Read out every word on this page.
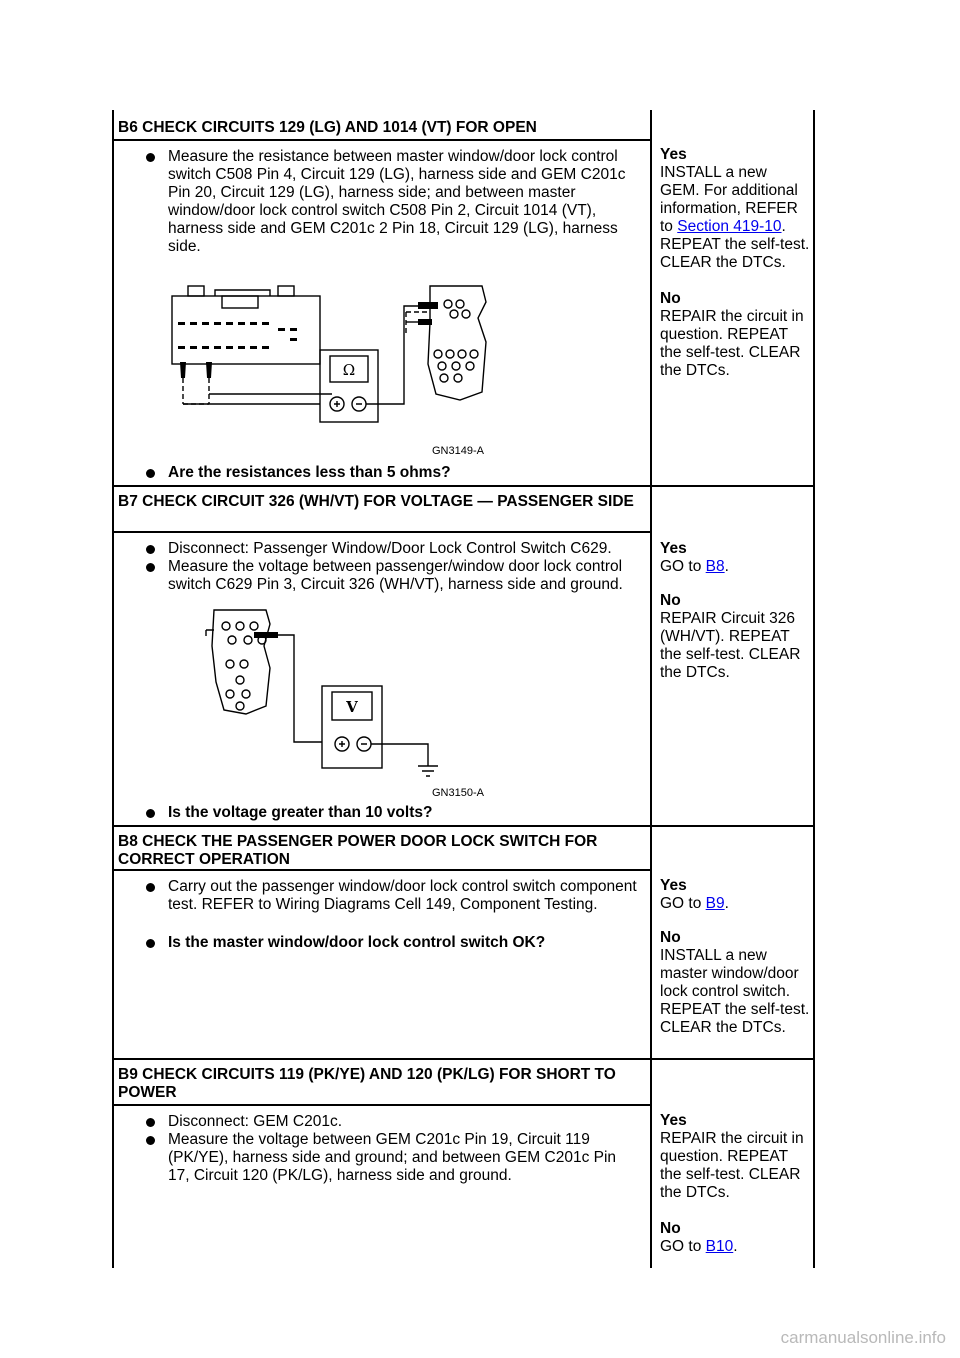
B6 CHECK CIRCUITS 129 (LG) AND 1014 (VT) FOR OPEN
Measure the resistance between master window/door lock control switch C508 Pin 4, Circuit 129 (LG), harness side and GEM C201c Pin 20, Circuit 129 (LG), harness side; and between master window/door lock control switch C508 Pin 2, Circuit 1014 (VT), harness side and GEM C201c 2 Pin 18, Circuit 129 (LG), harness side.
Ω
GN3149-A
Are the resistances less than 5 ohms?
Yes
INSTALL a new GEM. For additional information, REFER to Section 419-10. REPEAT the self-test. CLEAR the DTCs.
No
REPAIR the circuit in question. REPEAT the self-test. CLEAR the DTCs.
B7 CHECK CIRCUIT 326 (WH/VT) FOR VOLTAGE — PASSENGER SIDE
Disconnect: Passenger Window/Door Lock Control Switch C629.
Measure the voltage between passenger/window door lock control switch C629 Pin 3, Circuit 326 (WH/VT), harness side and ground.
V
GN3150-A
Is the voltage greater than 10 volts?
Yes
GO to B8.
No
REPAIR Circuit 326 (WH/VT). REPEAT the self-test. CLEAR the DTCs.
B8 CHECK THE PASSENGER POWER DOOR LOCK SWITCH FOR CORRECT OPERATION
Carry out the passenger window/door lock control switch component test. REFER to Wiring Diagrams Cell 149, Component Testing.
Is the master window/door lock control switch OK?
Yes
GO to B9.
No
INSTALL a new master window/door lock control switch. REPEAT the self-test. CLEAR the DTCs.
B9 CHECK CIRCUITS 119 (PK/YE) AND 120 (PK/LG) FOR SHORT TO POWER
Disconnect: GEM C201c.
Measure the voltage between GEM C201c Pin 19, Circuit 119 (PK/YE), harness side and ground; and between GEM C201c Pin 17, Circuit 120 (PK/LG), harness side and ground.
Yes
REPAIR the circuit in question. REPEAT the self-test. CLEAR the DTCs.
No
GO to B10.
carmanualsonline.info
